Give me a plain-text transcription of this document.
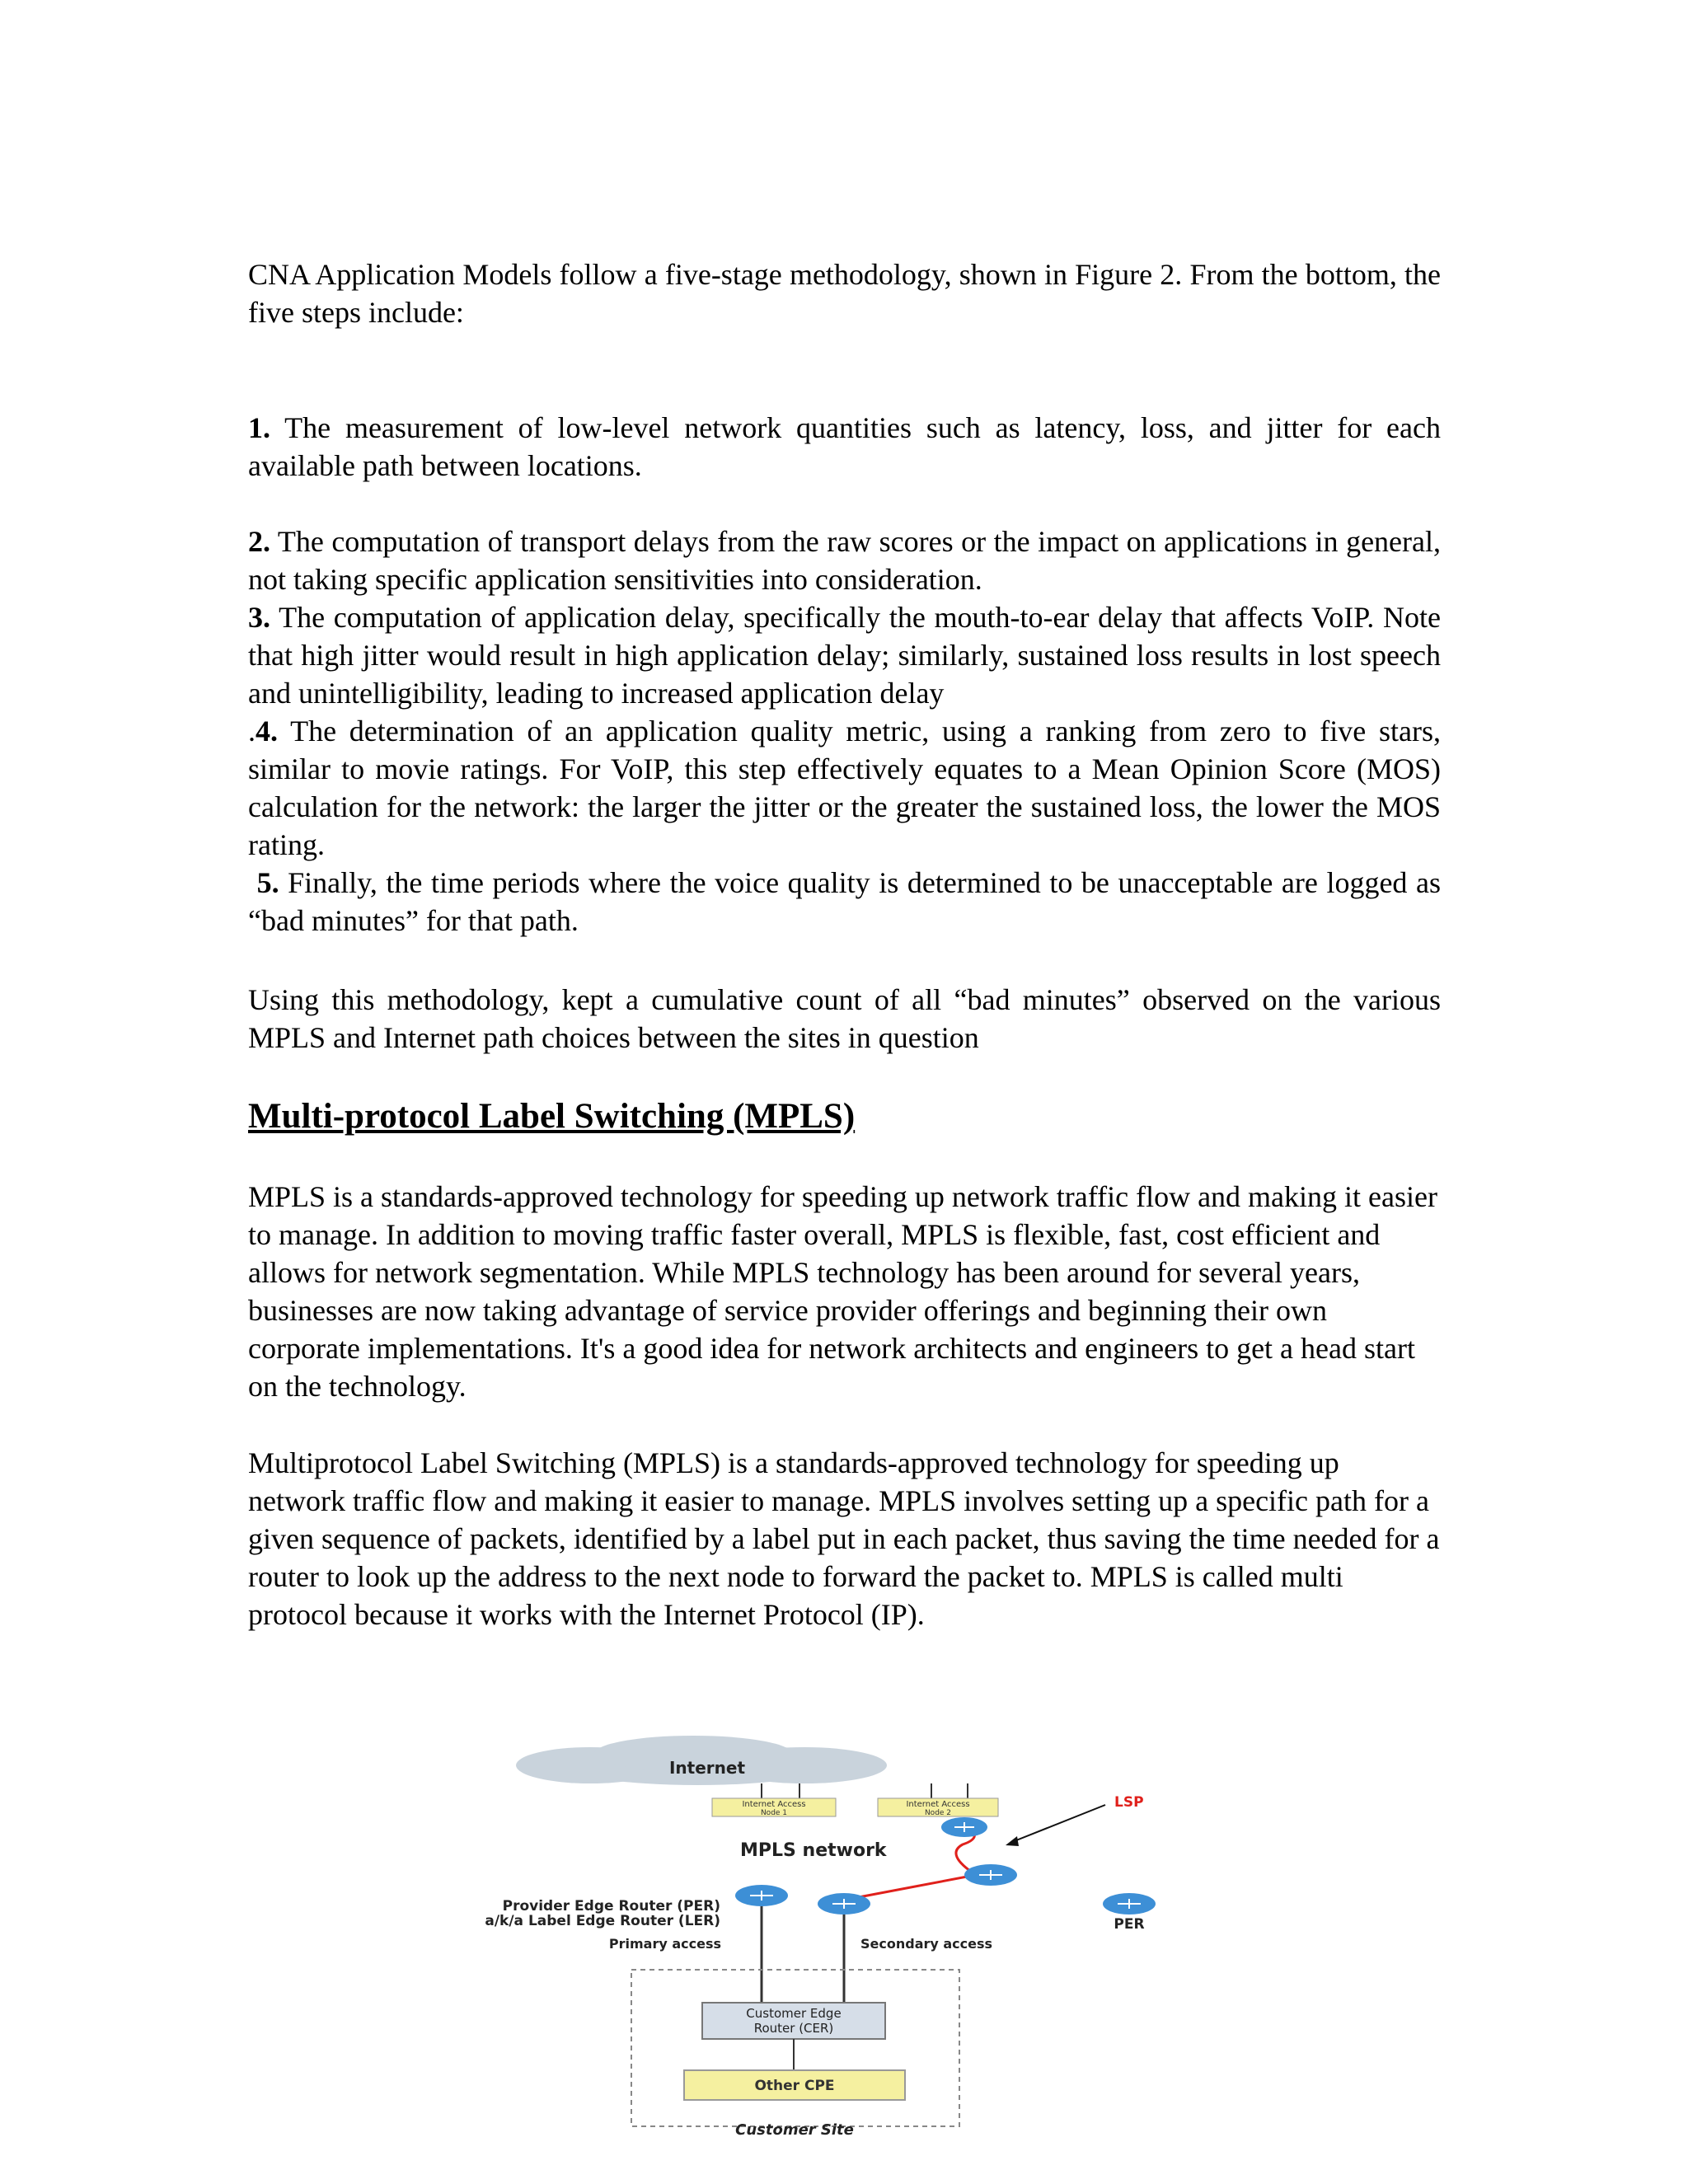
CNA Application Models follow a five-stage methodology, shown in Figure 2. From the bottom, the five steps include:

1. The measurement of low-level network quantities such as latency, loss, and jitter for each available path between locations.

2. The computation of transport delays from the raw scores or the impact on applications in general, not taking specific application sensitivities into consideration.

3. The computation of application delay, specifically the mouth-to-ear delay that affects VoIP. Note that high jitter would result in high application delay; similarly, sustained loss results in lost speech and unintelligibility, leading to increased application delay

.4. The determination of an application quality metric, using a ranking from zero to five stars, similar to movie ratings. For VoIP, this step effectively equates to a Mean Opinion Score (MOS) calculation for the network: the larger the jitter or the greater the sustained loss, the lower the MOS rating.

5. Finally, the time periods where the voice quality is determined to be unacceptable are logged as “bad minutes” for that path.

Using this methodology, kept a cumulative count of all “bad minutes” observed on the various MPLS and Internet path choices between the sites in question

Multi-protocol Label Switching (MPLS)

MPLS is a standards-approved technology for speeding up network traffic flow and making it easier to manage. In addition to moving traffic faster overall, MPLS is flexible, fast, cost efficient and allows for network segmentation. While MPLS technology has been around for several years, businesses are now taking advantage of service provider offerings and beginning their own corporate implementations. It's a good idea for network architects and engineers to get a head start on the technology.

Multiprotocol Label Switching (MPLS) is a standards-approved technology for speeding up network traffic flow and making it easier to manage. MPLS involves setting up a specific path for a given sequence of packets, identified by a label put in each packet, thus saving the time needed for a router to look up the address to the next node to forward the packet to. MPLS is called multi protocol because it works with the Internet Protocol (IP).

Internet
Internet Access
Node 1
Internet Access
Node 2
LSP
MPLS network
Provider Edge Router (PER)
a/k/a Label Edge Router (LER)	PER
Primary access	Secondary access
Customer Edge
Router (CER)
Other CPE
Customer Site
